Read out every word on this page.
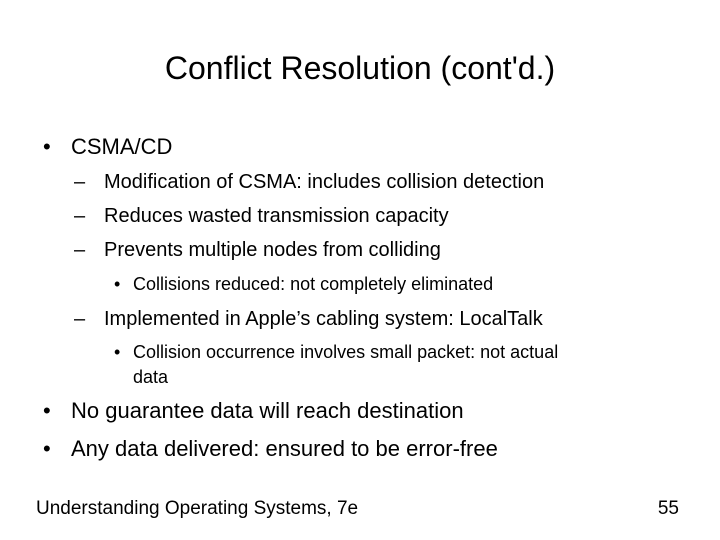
Conflict Resolution (cont'd.)
• CSMA/CD
– Modification of CSMA: includes collision detection
– Reduces wasted transmission capacity
– Prevents multiple nodes from colliding
• Collisions reduced: not completely eliminated
– Implemented in Apple’s cabling system: LocalTalk
• Collision occurrence involves small packet: not actual
data
• No guarantee data will reach destination
• Any data delivered: ensured to be error-free
Understanding Operating Systems, 7e	55
